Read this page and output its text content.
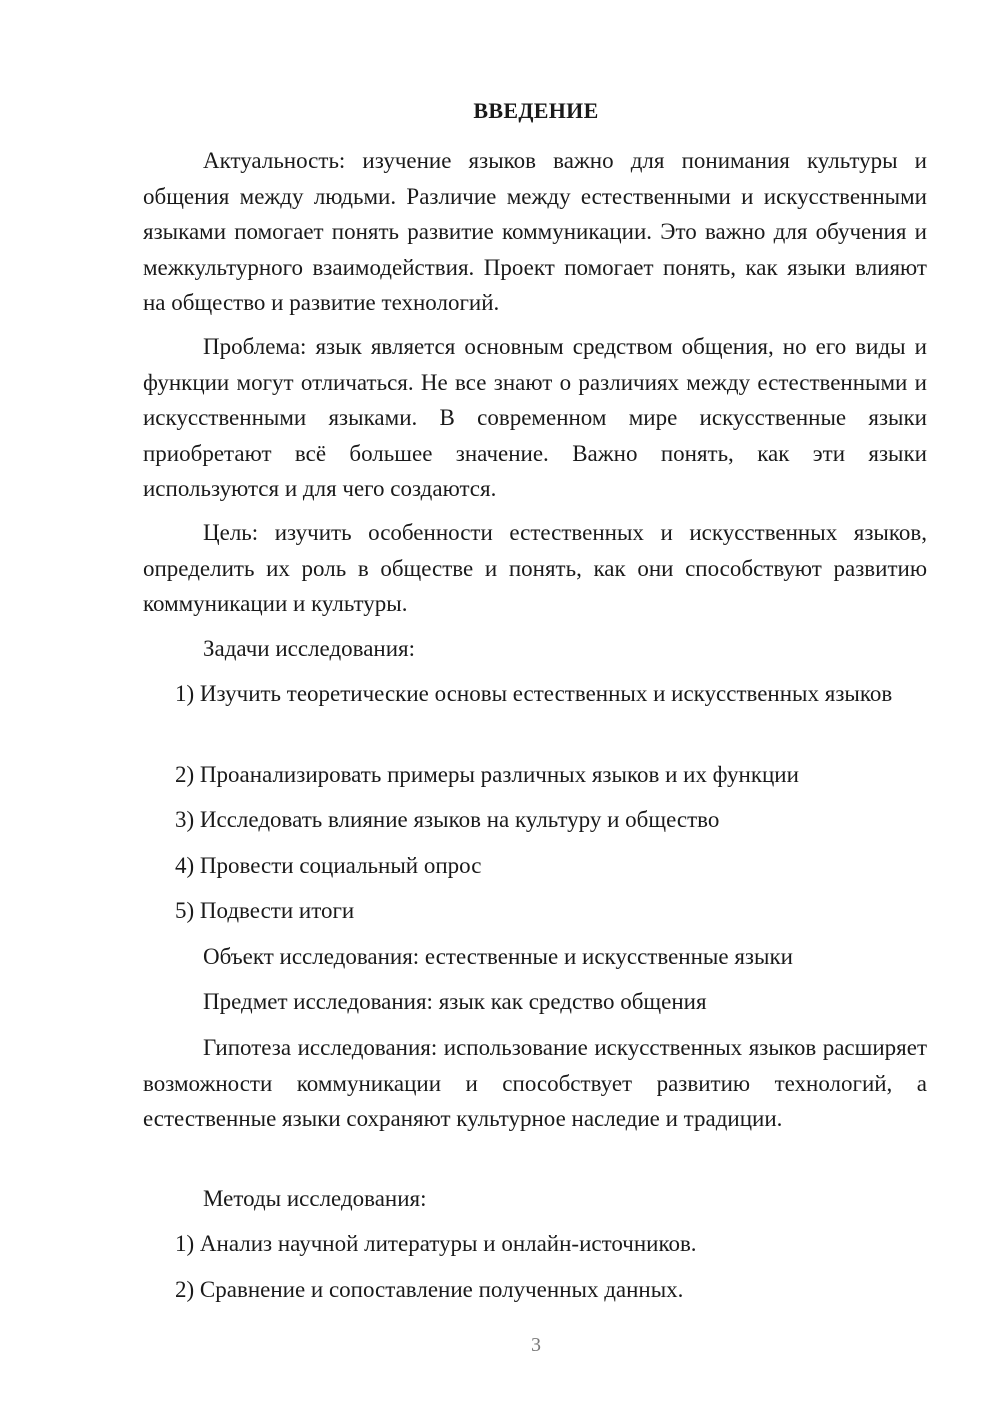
ВВЕДЕНИЕ

Актуальность: изучение языков важно для понимания культуры и общения между людьми. Различие между естественными и искусственными языками помогает понять развитие коммуникации. Это важно для обучения и межкультурного взаимодействия. Проект помогает понять, как языки влияют на общество и развитие технологий.

Проблема: язык является основным средством общения, но его виды и функции могут отличаться. Не все знают о различиях между естественными и искусственными языками. В современном мире искусственные языки приобретают всё большее значение. Важно понять, как эти языки используются и для чего создаются.

Цель: изучить особенности естественных и искусственных языков, определить их роль в обществе и понять, как они способствуют развитию коммуникации и культуры.

Задачи исследования:

1) Изучить теоретические основы естественных и искусственных языков

2) Проанализировать примеры различных языков и их функции

3) Исследовать влияние языков на культуру и общество

4) Провести социальный опрос

5) Подвести итоги

Объект исследования: естественные и искусственные языки

Предмет исследования: язык как средство общения

Гипотеза исследования: использование искусственных языков расширяет возможности коммуникации и способствует развитию технологий, а естественные языки сохраняют культурное наследие и традиции.

Методы исследования:

1) Анализ научной литературы и онлайн-источников.

2) Сравнение и сопоставление полученных данных.

3
